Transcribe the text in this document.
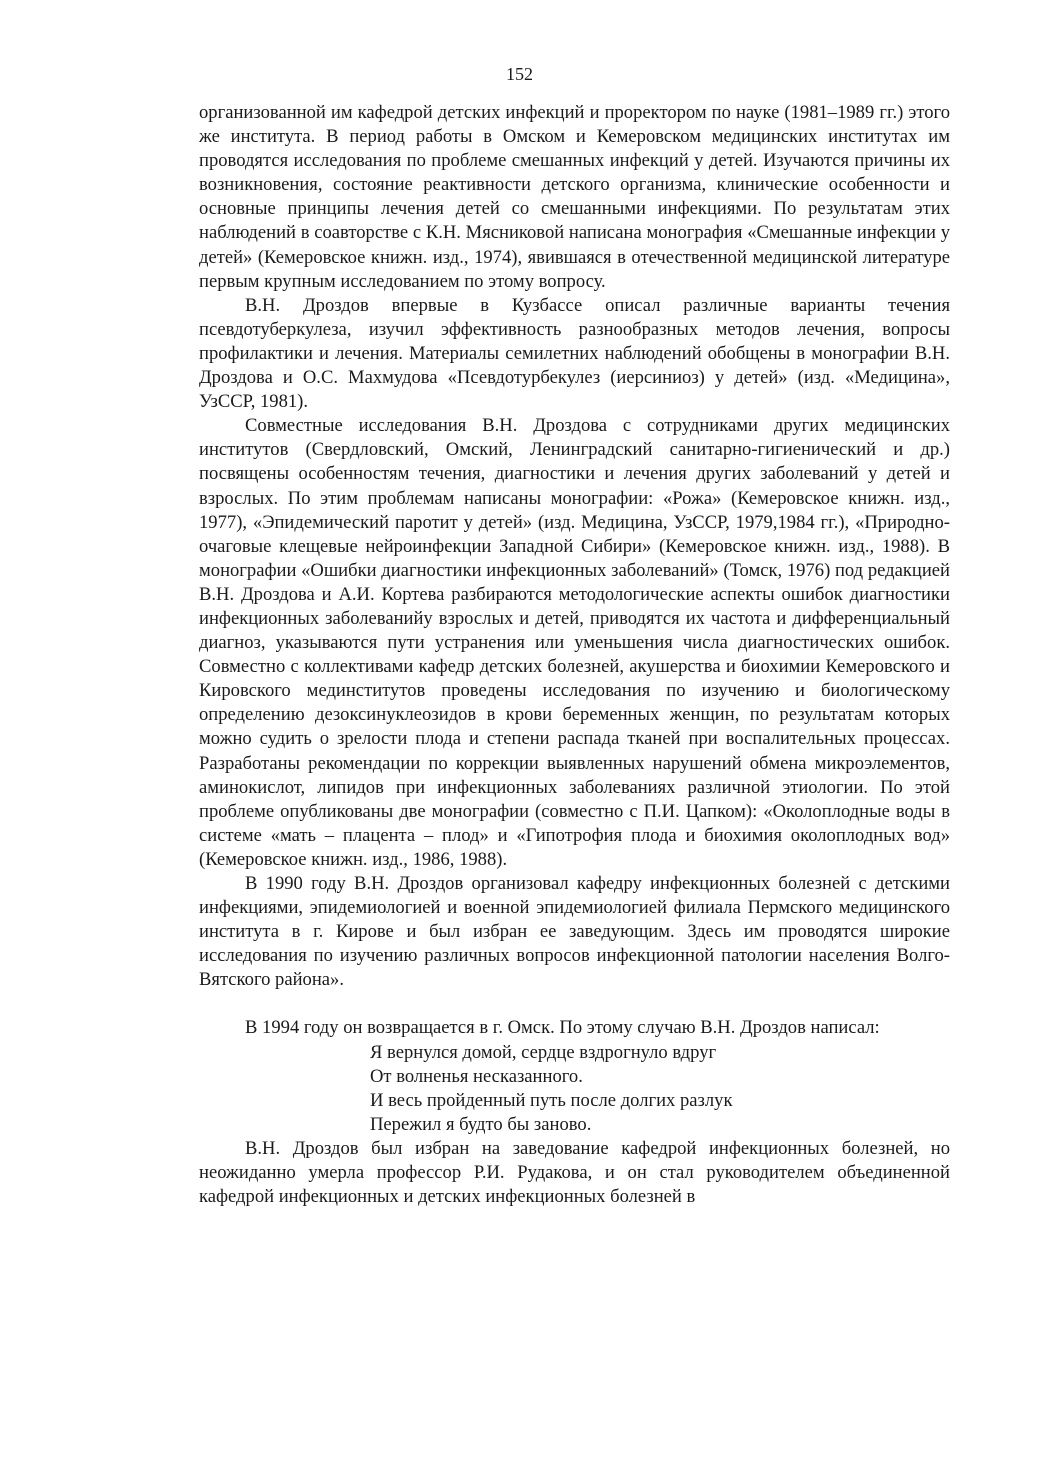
152

организованной им кафедрой детских инфекций и проректором по науке (1981–1989 гг.) этого же института. В период работы в Омском и Кемеровском медицинских институтах им проводятся исследования по проблеме смешанных инфекций у детей. Изучаются причины их возникновения, состояние реактивности детского организма, клинические особенности и основные принципы лечения детей со смешанными инфекциями. По результатам этих наблюдений в соавторстве с К.Н. Мясниковой написана монография «Смешанные инфекции у детей» (Кемеровское книжн. изд., 1974), явившаяся в отечественной медицинской литературе первым крупным исследованием по этому вопросу.

В.Н. Дроздов впервые в Кузбассе описал различные варианты течения псевдотуберкулеза, изучил эффективность разнообразных методов лечения, вопросы профилактики и лечения. Материалы семилетних наблюдений обобщены в монографии В.Н. Дроздова и О.С. Махмудова «Псевдотурбекулез (иерсиниоз) у детей» (изд. «Медицина», УзССР, 1981).

Совместные исследования В.Н. Дроздова с сотрудниками других медицинских институтов (Свердловский, Омский, Ленинградский санитарно-гигиенический и др.) посвящены особенностям течения, диагностики и лечения других заболеваний у детей и взрослых. По этим проблемам написаны монографии: «Рожа» (Кемеровское книжн. изд., 1977), «Эпидемический паротит у детей» (изд. Медицина, УзССР, 1979,1984 гг.), «Природно-очаговые клещевые нейроинфекции Западной Сибири» (Кемеровское книжн. изд., 1988). В монографии «Ошибки диагностики инфекционных заболеваний» (Томск, 1976) под редакцией В.Н. Дроздова и А.И. Кортева разбираются методологические аспекты ошибок диагностики инфекционных заболеванийу взрослых и детей, приводятся их частота и дифференциальный диагноз, указываются пути устранения или уменьшения числа диагностических ошибок. Совместно с коллективами кафедр детских болезней, акушерства и биохимии Кемеровского и Кировского мединститутов проведены исследования по изучению и биологическому определению дезоксинуклеозидов в крови беременных женщин, по результатам которых можно судить о зрелости плода и степени распада тканей при воспалительных процессах. Разработаны рекомендации по коррекции выявленных нарушений обмена микроэлементов, аминокислот, липидов при инфекционных заболеваниях различной этиологии. По этой проблеме опубликованы две монографии (совместно с П.И. Цапком): «Околоплодные воды в системе «мать – плацента – плод» и «Гипотрофия плода и биохимия околоплодных вод» (Кемеровское книжн. изд., 1986, 1988).

В 1990 году В.Н. Дроздов организовал кафедру инфекционных болезней с детскими инфекциями, эпидемиологией и военной эпидемиологией филиала Пермского медицинского института в г. Кирове и был избран ее заведующим. Здесь им проводятся широкие исследования по изучению различных вопросов инфекционной патологии населения Волго-Вятского района».

В 1994 году он возвращается в г. Омск. По этому случаю В.Н. Дроздов написал:

Я вернулся домой, сердце вздрогнуло вдруг
От волненья несказанного.
И весь пройденный путь после долгих разлук
Пережил я будто бы заново.

В.Н. Дроздов был избран на заведование кафедрой инфекционных болезней, но неожиданно умерла профессор Р.И. Рудакова, и он стал руководителем объединенной кафедрой инфекционных и детских инфекционных болезней в
